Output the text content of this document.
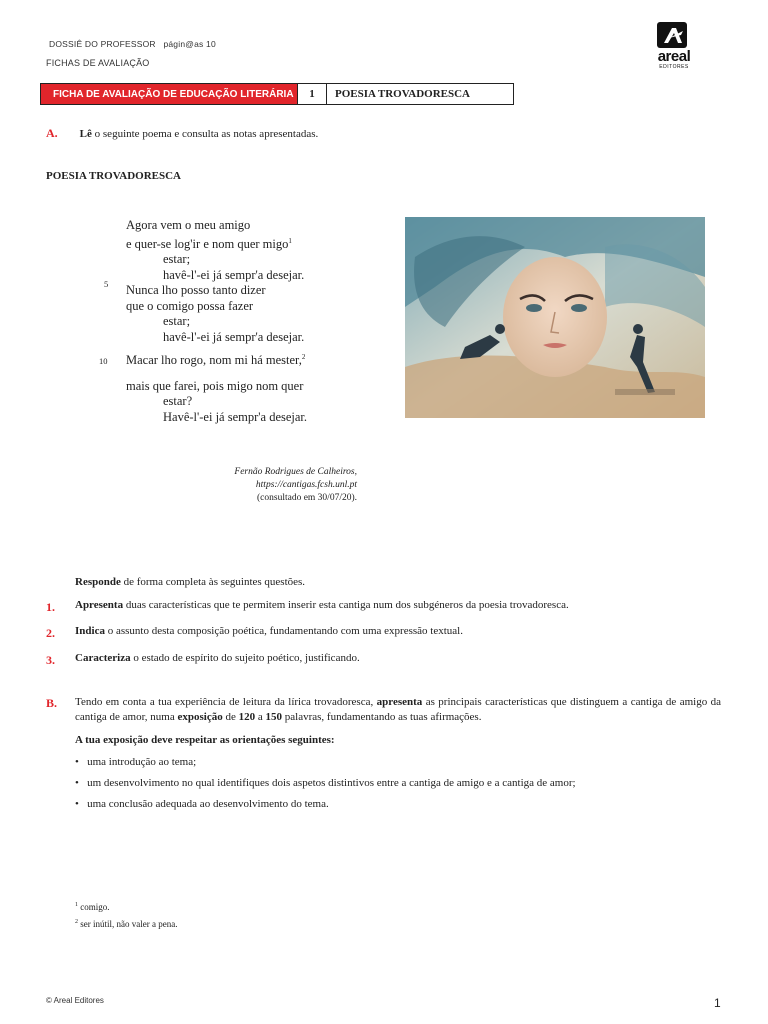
DOSSIÊ DO PROFESSOR págin@as 10
FICHAS DE AVALIAÇÃO	areal
EDITORES
FICHA DE AVALIAÇÃO DE EDUCAÇÃO LITERÁRIA	1	POESIA TROVADORESCA
A. Lê o seguinte poema e consulta as notas apresentadas.
POESIA TROVADORESCA
Agora vem o meu amigo
e quer-se log'ir e nom quer migo$^1$
estar;
havê-l'-ei já sempr'a desejar.
Nunca lho posso tanto dizer
que o comigo possa fazer
estar;
havê-l'-ei já sempr'a desejar.
Macar lho rogo, nom mi há mester,$^2$
mais que farei, pois migo nom quer
estar?
Havê-l'-ei já sempr'a desejar.
5
10
Fernão Rodrigues de Calheiros,
https://cantigas.fcsh.unl.pt
(consultado em 30/07/20).
Responde de forma completa às seguintes questões.
1. Apresenta duas características que te permitem inserir esta cantiga num dos subgéneros da poesia trovadoresca.
2. Indica o assunto desta composição poética, fundamentando com uma expressão textual.
3. Caracteriza o estado de espírito do sujeito poético, justificando.
B. Tendo em conta a tua experiência de leitura da lírica trovadoresca, apresenta as principais características que distinguem a cantiga de amigo da cantiga de amor, numa exposição de 120 a 150 palavras, fundamentando as tuas afirmações.
A tua exposição deve respeitar as orientações seguintes:
• uma introdução ao tema;
• um desenvolvimento no qual identifiques dois aspetos distintivos entre a cantiga de amigo e a cantiga de amor;
• uma conclusão adequada ao desenvolvimento do tema.
$^1$ comigo.
$^2$ ser inútil, não valer a pena.
© Areal Editores	1
